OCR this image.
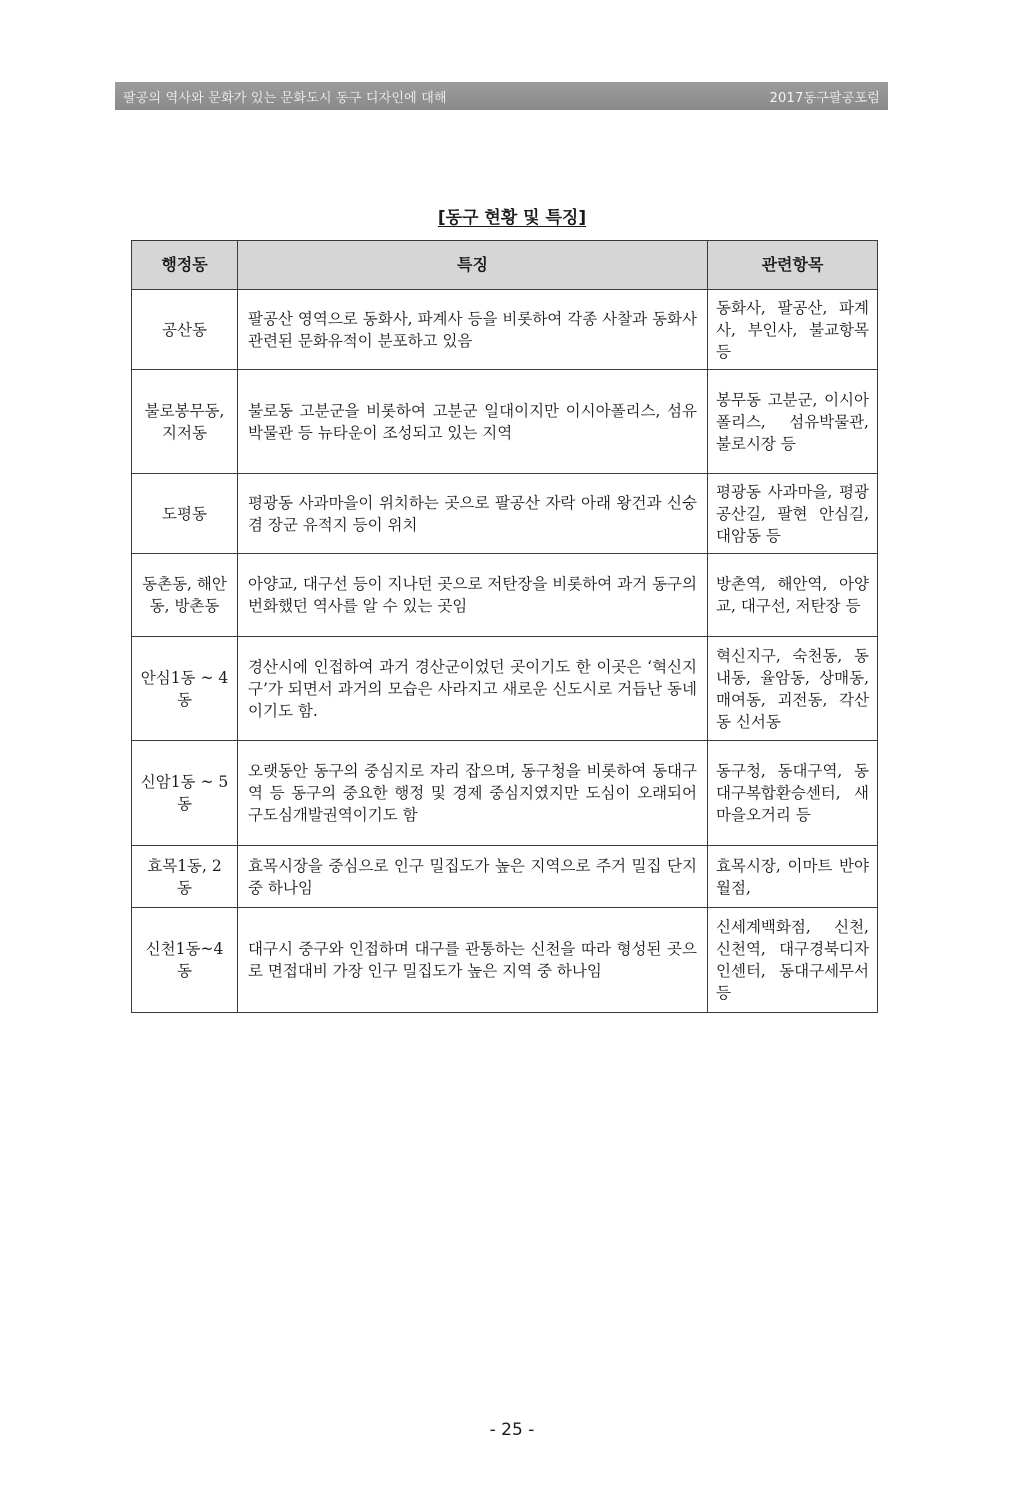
팔공의 역사와 문화가 있는 문화도시 동구 디자인에 대해	2017동구팔공포럼
[동구 현황 및 특징]
행정동	특징	관련항목
공산동	팔공산 영역으로 동화사, 파계사 등을 비롯하여 각종 사찰과 동화사 관련된 문화유적이 분포하고 있음	동화사, 팔공산, 파계사, 부인사, 불교항목 등
불로봉무동, 지저동	불로동 고분군을 비롯하여 고분군 일대이지만 이시아폴리스, 섬유박물관 등 뉴타운이 조성되고 있는 지역	봉무동 고분군, 이시아폴리스, 섬유박물관, 불로시장 등
도평동	평광동 사과마을이 위치하는 곳으로 팔공산 자락 아래 왕건과 신숭겸 장군 유적지 등이 위치	평광동 사과마을, 평광공산길, 팔현 안심길, 대암동 등
동촌동, 해안동, 방촌동	아양교, 대구선 등이 지나던 곳으로 저탄장을 비롯하여 과거 동구의 번화했던 역사를 알 수 있는 곳임	방촌역, 해안역, 아양교, 대구선, 저탄장 등
안심1동 ~ 4동	경산시에 인접하여 과거 경산군이었던 곳이기도 한 이곳은 ‘혁신지구’가 되면서 과거의 모습은 사라지고 새로운 신도시로 거듭난 동네이기도 함.	혁신지구, 숙천동, 동내동, 율암동, 상매동, 매여동, 괴전동, 각산동 신서동
신암1동 ~ 5동	오랫동안 동구의 중심지로 자리 잡으며, 동구청을 비롯하여 동대구역 등 동구의 중요한 행정 및 경제 중심지였지만 도심이 오래되어 구도심개발권역이기도 함	동구청, 동대구역, 동대구복합환승센터, 새마을오거리 등
효목1동, 2동	효목시장을 중심으로 인구 밀집도가 높은 지역으로 주거 밀집 단지 중 하나임	효목시장, 이마트 반야월점,
신천1동~4동	대구시 중구와 인접하며 대구를 관통하는 신천을 따라 형성된 곳으로 면접대비 가장 인구 밀집도가 높은 지역 중 하나임	신세계백화점, 신천, 신천역, 대구경북디자인센터, 동대구세무서 등
- 25 -
